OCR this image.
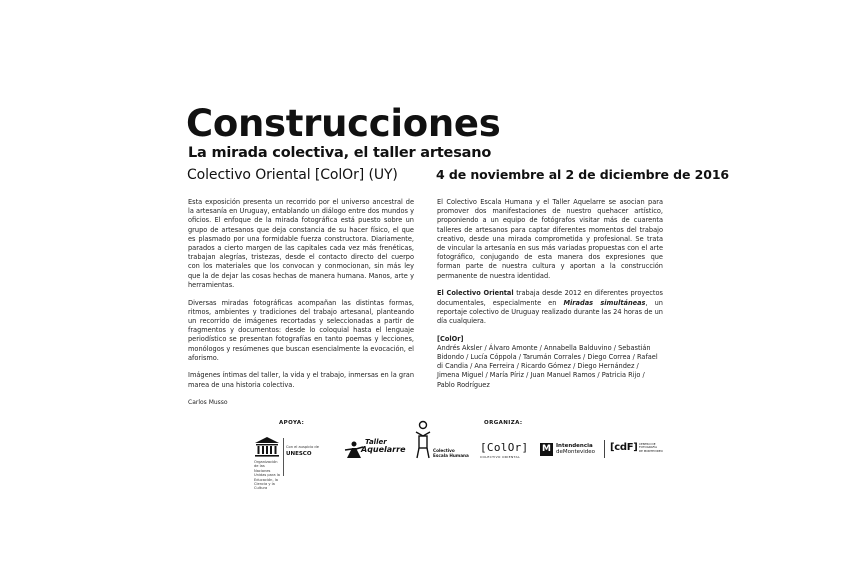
Construcciones
La mirada colectiva, el taller artesano
Colectivo Oriental [ColOr] (UY)	4 de noviembre al 2 de diciembre de 2016

Esta exposición presenta un recorrido por el universo ancestral de la artesanía en Uruguay, entablando un diálogo entre dos mundos y oficios. El enfoque de la mirada fotográfica está puesto sobre un grupo de artesanos que deja constancia de su hacer físico, el que es plasmado por una formidable fuerza constructora. Diariamente, parados a cierto margen de las capitales cada vez más frenéticas, trabajan alegrías, tristezas, desde el contacto directo del cuerpo con los materiales que los convocan y conmocionan, sin más ley que la de dejar las cosas hechas de manera humana. Manos, arte y herramientas.

Diversas miradas fotográficas acompañan las distintas formas, ritmos, ambientes y tradiciones del trabajo artesanal, planteando un recorrido de imágenes recortadas y seleccionadas a partir de fragmentos y documentos: desde lo coloquial hasta el lenguaje periodístico se presentan fotografías en tanto poemas y lecciones, monólogos y resúmenes que buscan esencialmente la evocación, el aforismo.

Imágenes íntimas del taller, la vida y el trabajo, inmersas en la gran marea de una historia colectiva.

Carlos Musso

El Colectivo Escala Humana y el Taller Aquelarre se asocian para promover dos manifestaciones de nuestro quehacer artístico, proponiendo a un equipo de fotógrafos visitar más de cuarenta talleres de artesanos para captar diferentes momentos del trabajo creativo, desde una mirada comprometida y profesional. Se trata de vincular la artesanía en sus más variadas propuestas con el arte fotográfico, conjugando de esta manera dos expresiones que forman parte de nuestra cultura y aportan a la construcción permanente de nuestra identidad.

El Colectivo Oriental trabaja desde 2012 en diferentes proyectos documentales, especialmente en Miradas simultáneas, un reportaje colectivo de Uruguay realizado durante las 24 horas de un día cualquiera.

[ColOr]

Andrés Aksler / Álvaro Amonte / Annabella Balduvino / Sebastián Bidondo / Lucía Cóppola / Tarumán Corrales / Diego Correa / Rafael di Candia / Ana Ferreira / Ricardo Gómez / Diego Hernández / Jimena Miguel / María Píriz / Juan Manuel Ramos / Patricia Rijo / Pablo Rodríguez

APOYA:	ORGANIZA:
Organización de las Naciones Unidas para la Educación, la Ciencia y la Cultura
Con el auspicio de
UNESCO
Taller
Aquelarre	Colectivo
Escala Humana
[ColOr]
COLECTIVO ORIENTAL
M Intendencia
deMontevideo [cdF] CENTRO DE
FOTOGRAFÍA
DE MONTEVIDEO
